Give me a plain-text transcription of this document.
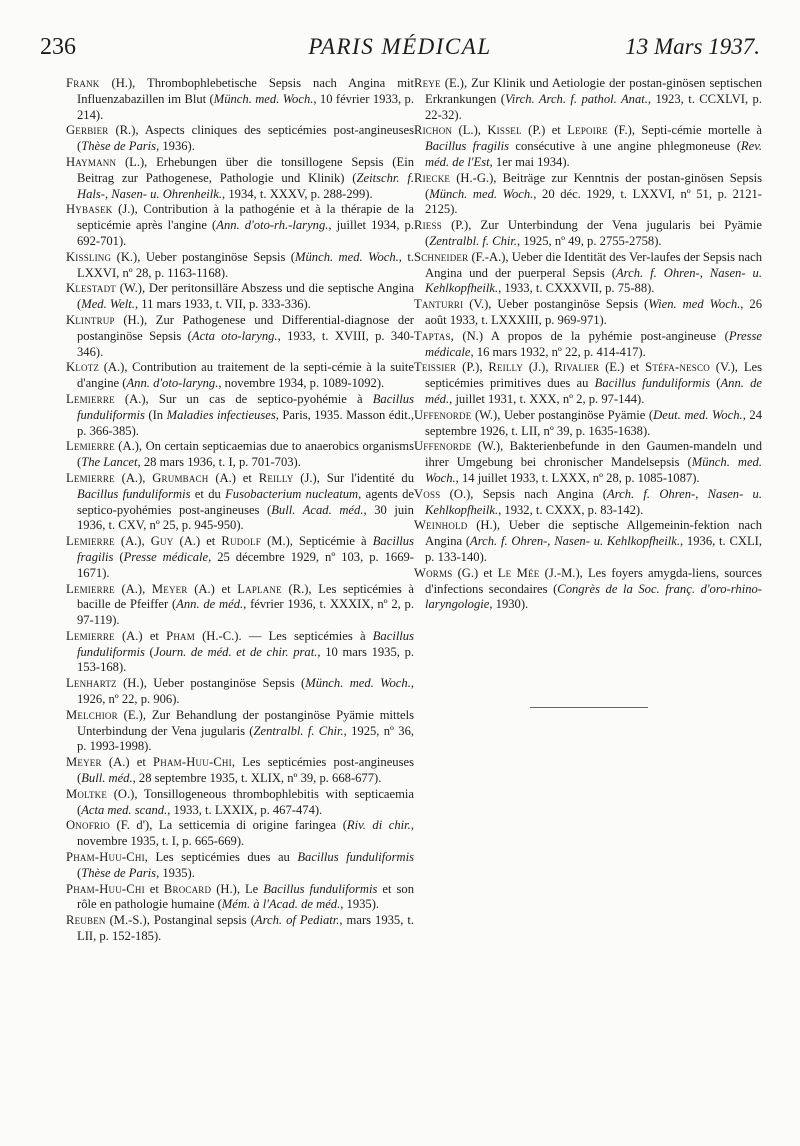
236	PARIS MÉDICAL	13 Mars 1937.
Frank (H.), Thrombophlebetische Sepsis nach Angina mit Influenzabazillen im Blut (Münch. med. Woch., 10 février 1933, p. 214).
Gerbier (R.), Aspects cliniques des septicémies post-angineuses (Thèse de Paris, 1936).
Haymann (L.), Erhebungen über die tonsillogene Sepsis (Ein Beitrag zur Pathogenese, Pathologie und Klinik) (Zeitschr. f. Hals-, Nasen- u. Ohrenheilk., 1934, t. XXXV, p. 288-299).
Hybasek (J.), Contribution à la pathogénie et à la thérapie de la septicémie après l'angine (Ann. d'oto-rh.-laryng., juillet 1934, p. 692-701).
Kissling (K.), Ueber postanginöse Sepsis (Münch. med. Woch., t. LXXVI, nº 28, p. 1163-1168).
Klestadt (W.), Der peritonsilläre Abszess und die septische Angina (Med. Welt., 11 mars 1933, t. VII, p. 333-336).
Klintrup (H.), Zur Pathogenese und Differential-diagnose der postanginöse Sepsis (Acta oto-laryng., 1933, t. XVIII, p. 340-346).
Klotz (A.), Contribution au traitement de la septi-cémie à la suite d'angine (Ann. d'oto-laryng., novembre 1934, p. 1089-1092).
Lemierre (A.), Sur un cas de septico-pyohémie à Bacillus funduliformis (In Maladies infectieuses, Paris, 1935. Masson édit., p. 366-385).
Lemierre (A.), On certain septicaemias due to anaerobics organisms (The Lancet, 28 mars 1936, t. I, p. 701-703).
Lemierre (A.), Grumbach (A.) et Reilly (J.), Sur l'identité du Bacillus funduliformis et du Fusobacterium nucleatum, agents de septico-pyohémies post-angineuses (Bull. Acad. méd., 30 juin 1936, t. CXV, nº 25, p. 945-950).
Lemierre (A.), Guy (A.) et Rudolf (M.), Septicémie à Bacillus fragilis (Presse médicale, 25 décembre 1929, nº 103, p. 1669-1671).
Lemierre (A.), Meyer (A.) et Laplane (R.), Les septicémies à bacille de Pfeiffer (Ann. de méd., février 1936, t. XXXIX, nº 2, p. 97-119).
Lemierre (A.) et Pham (H.-C.). — Les septicémies à Bacillus funduliformis (Journ. de méd. et de chir. prat., 10 mars 1935, p. 153-168).
Lenhartz (H.), Ueber postanginöse Sepsis (Münch. med. Woch., 1926, nº 22, p. 906).
Melchior (E.), Zur Behandlung der postanginöse Pyämie mittels Unterbindung der Vena jugularis (Zentralbl. f. Chir., 1925, nº 36, p. 1993-1998).
Meyer (A.) et Pham-Huu-Chi, Les septicémies post-angineuses (Bull. méd., 28 septembre 1935, t. XLIX, nº 39, p. 668-677).
Moltke (O.), Tonsillogeneous thrombophlebitis with septicaemia (Acta med. scand., 1933, t. LXXIX, p. 467-474).
Onofrio (F. d'), La setticemia di origine faringea (Riv. di chir., novembre 1935, t. I, p. 665-669).
Pham-Huu-Chi, Les septicémies dues au Bacillus funduliformis (Thèse de Paris, 1935).
Pham-Huu-Chi et Brocard (H.), Le Bacillus funduliformis et son rôle en pathologie humaine (Mém. à l'Acad. de méd., 1935).
Reuben (M.-S.), Postanginal sepsis (Arch. of Pediatr., mars 1935, t. LII, p. 152-185).
Reye (E.), Zur Klinik und Aetiologie der postan-ginösen septischen Erkrankungen (Virch. Arch. f. pathol. Anat., 1923, t. CCXLVI, p. 22-32).
Richon (L.), Kissel (P.) et Lepoire (F.), Septi-cémie mortelle à Bacillus fragilis consécutive à une angine phlegmoneuse (Rev. méd. de l'Est, 1er mai 1934).
Riecke (H.-G.), Beiträge zur Kenntnis der postan-ginösen Sepsis (Münch. med. Woch., 20 déc. 1929, t. LXXVI, nº 51, p. 2121-2125).
Riess (P.), Zur Unterbindung der Vena jugularis bei Pyämie (Zentralbl. f. Chir., 1925, nº 49, p. 2755-2758).
Schneider (F.-A.), Ueber die Identität des Ver-laufes der Sepsis nach Angina und der puerperal Sepsis (Arch. f. Ohren-, Nasen- u. Kehlkopfheilk., 1933, t. CXXXVII, p. 75-88).
Tanturri (V.), Ueber postanginöse Sepsis (Wien. med Woch., 26 août 1933, t. LXXXIII, p. 969-971).
Taptas, (N.) A propos de la pyhémie post-angineuse (Presse médicale, 16 mars 1932, nº 22, p. 414-417).
Teissier (P.), Reilly (J.), Rivalier (E.) et Stéfa-nesco (V.), Les septicémies primitives dues au Bacillus funduliformis (Ann. de méd., juillet 1931, t. XXX, nº 2, p. 97-144).
Uffenorde (W.), Ueber postanginöse Pyämie (Deut. med. Woch., 24 septembre 1926, t. LII, nº 39, p. 1635-1638).
Uffenorde (W.), Bakterienbefunde in den Gaumen-mandeln und ihrer Umgebung bei chronischer Mandelsepsis (Münch. med. Woch., 14 juillet 1933, t. LXXX, nº 28, p. 1085-1087).
Voss (O.), Sepsis nach Angina (Arch. f. Ohren-, Nasen- u. Kehlkopfheilk., 1932, t. CXXX, p. 83-142).
Weinhold (H.), Ueber die septische Allgemeinin-fektion nach Angina (Arch. f. Ohren-, Nasen- u. Kehlkopfheilk., 1936, t. CXLI, p. 133-140).
Worms (G.) et Le Mée (J.-M.), Les foyers amygda-liens, sources d'infections secondaires (Congrès de la Soc. franç. d'oro-rhino-laryngologie, 1930).
